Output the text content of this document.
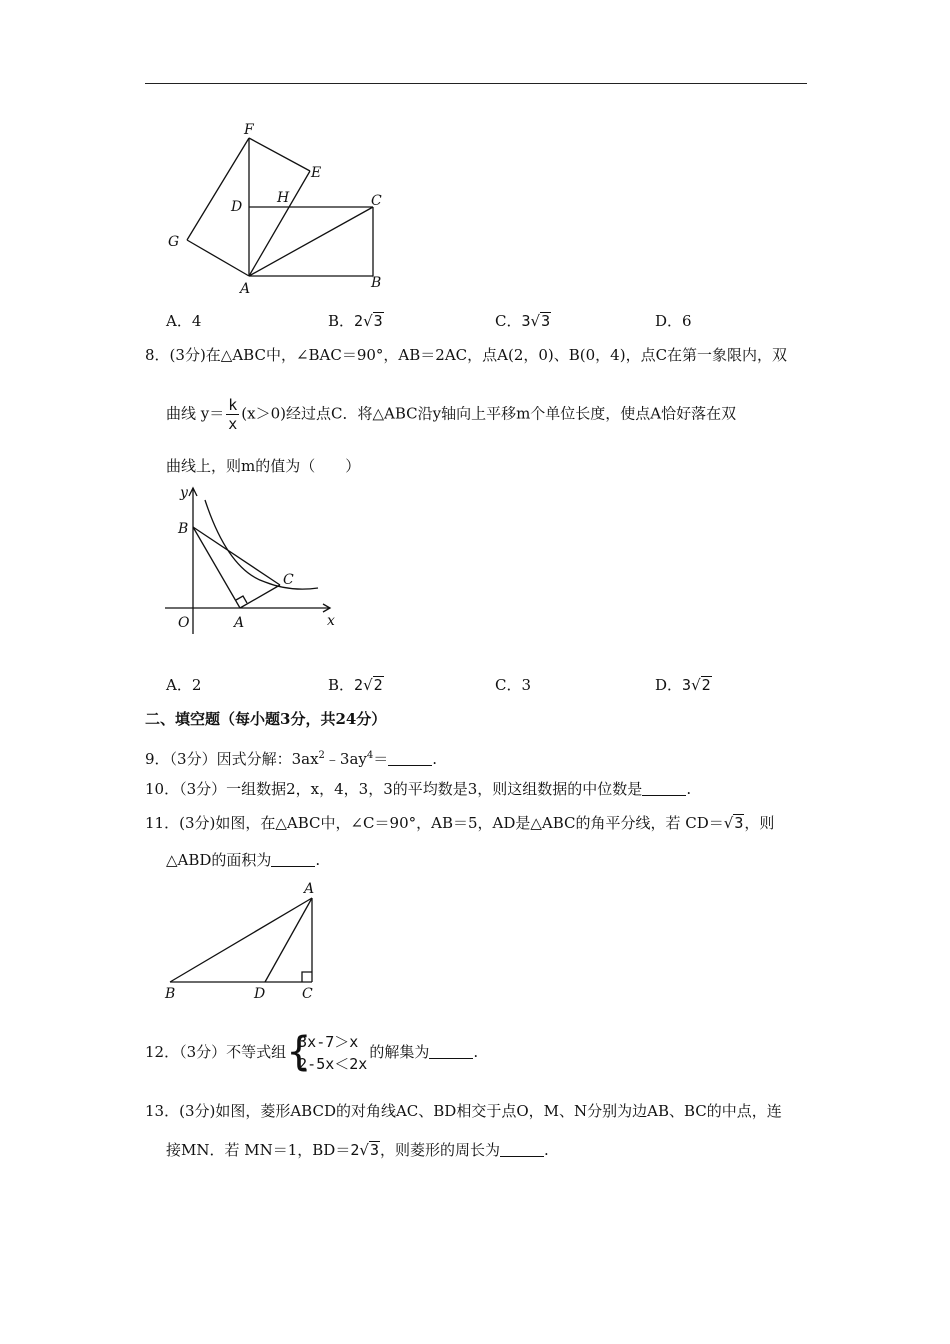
F
E
D
H	C
G
A	B
A．4	B．2√3	C．3√3	D．6
8．(3分)在△ABC中，∠BAC＝90°，AB＝2AC，点A(2，0)、B(0，4)，点C在第一象限内，双
曲线 $y= \frac{k}{x} (x>0)$经过点C．将△ABC沿y轴向上平移m个单位长度，使点A恰好落在双
曲线上，则m的值为（　　）
y
B
C
O	A	x
A．2	B．2√2	C．3	D．3√2
二、填空题（每小题3分，共24分）
9．（3分）因式分解：$3ax^2﹣3ay^4=$	.
10．（3分）一组数据2，x，4，3，3的平均数是3，则这组数据的中位数是	.
11．(3分)如图，在△ABC中，∠C＝90°，AB＝5，AD是△ABC的角平分线，若 CD＝√3，则
△ABD的面积为	.
A
B	D	C
12．（3分）不等式组 {
3x-7＞x
2-5x＜2x
的解集为	.
13．(3分)如图，菱形ABCD的对角线AC、BD相交于点O，M、N分别为边AB、BC的中点，连
接MN．若 MN＝1，BD＝2√3，则菱形的周长为	.
